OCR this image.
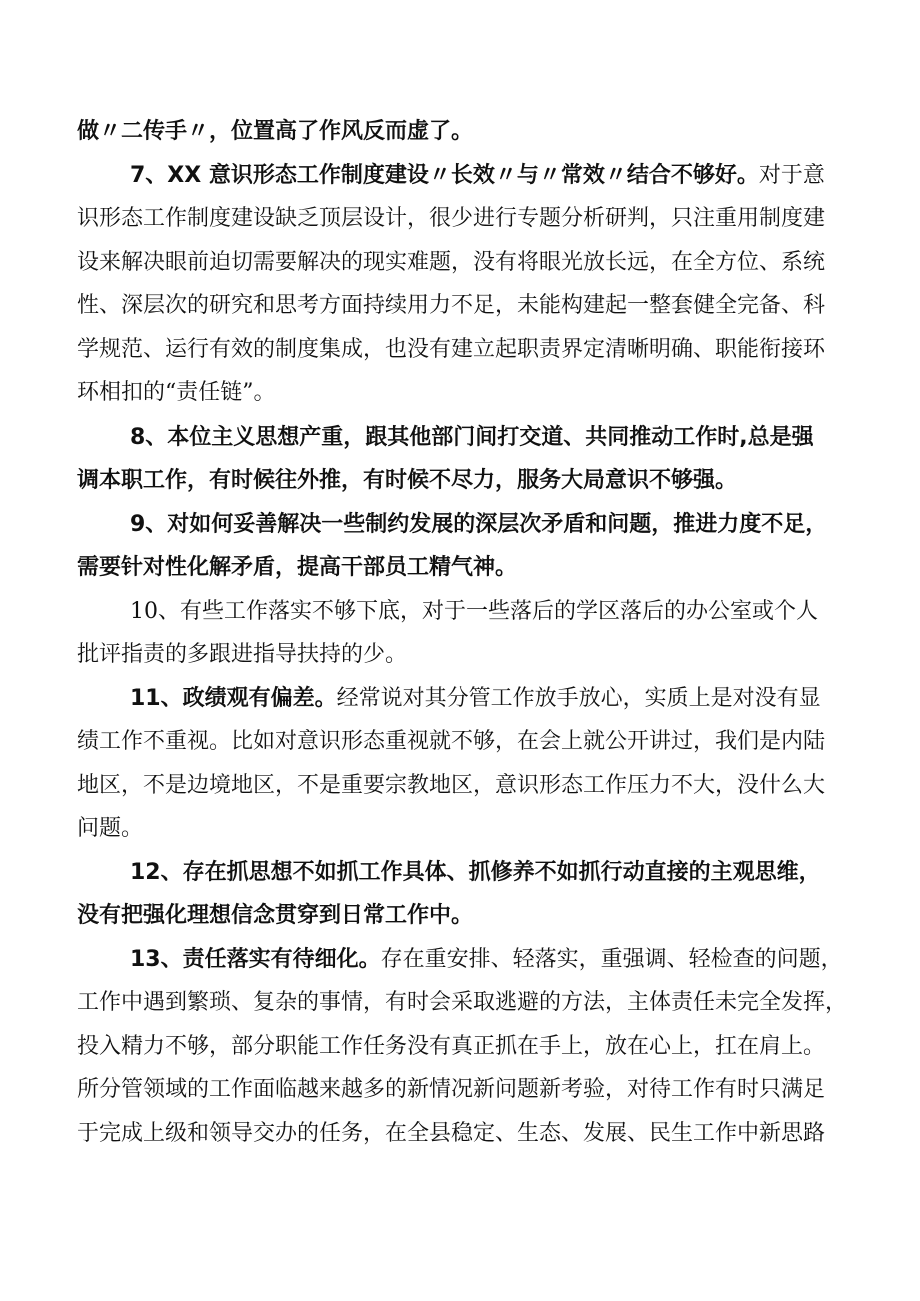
做〃二传手〃，位置高了作风反而虚了。
7、XX 意识形态工作制度建设〃长效〃与〃常效〃结合不够好。对于意
识形态工作制度建设缺乏顶层设计，很少进行专题分析研判，只注重用制度建
设来解决眼前迫切需要解决的现实难题，没有将眼光放长远，在全方位、系统
性、深层次的研究和思考方面持续用力不足，未能构建起一整套健全完备、科
学规范、运行有效的制度集成，也没有建立起职责界定清晰明确、职能衔接环
环相扣的“责任链”。
8、本位主义思想产重，跟其他部门间打交道、共同推动工作时,总是强
调本职工作，有时候往外推，有时候不尽力，服务大局意识不够强。
9、对如何妥善解决一些制约发展的深层次矛盾和问题，推进力度不足，
需要针对性化解矛盾，提高干部员工精气神。
10、有些工作落实不够下底，对于一些落后的学区落后的办公室或个人
批评指责的多跟进指导扶持的少。
11、政绩观有偏差。经常说对其分管工作放手放心，实质上是对没有显
绩工作不重视。比如对意识形态重视就不够，在会上就公开讲过，我们是内陆
地区，不是边境地区，不是重要宗教地区，意识形态工作压力不大，没什么大
问题。
12、存在抓思想不如抓工作具体、抓修养不如抓行动直接的主观思维，
没有把强化理想信念贯穿到日常工作中。
13、责任落实有待细化。存在重安排、轻落实，重强调、轻检查的问题，
工作中遇到繁琐、复杂的事情，有时会采取逃避的方法，主体责任未完全发挥，
投入精力不够，部分职能工作任务没有真正抓在手上，放在心上，扛在肩上。
所分管领域的工作面临越来越多的新情况新问题新考验，对待工作有时只满足
于完成上级和领导交办的任务，在全县稳定、生态、发展、民生工作中新思路
